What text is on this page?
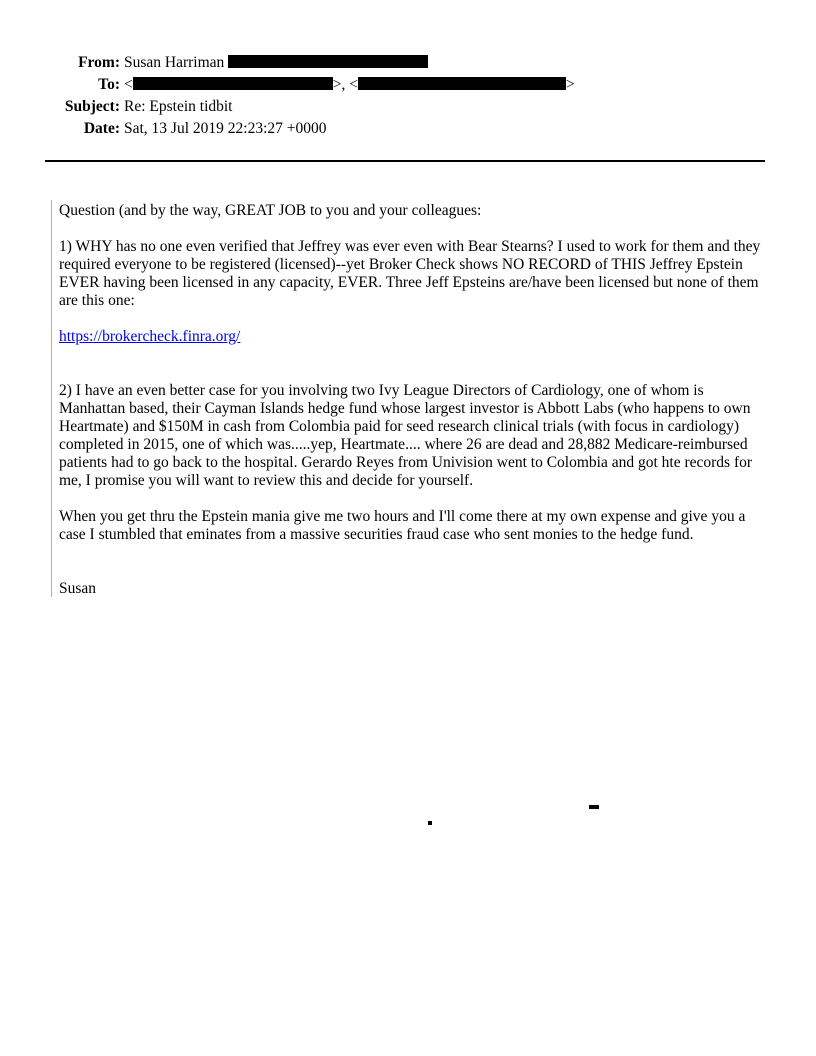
From: Susan Harriman
To: <	>, <	>
Subject: Re: Epstein tidbit
Date: Sat, 13 Jul 2019 22:23:27 +0000

Question (and by the way, GREAT JOB to you and your colleagues:

1) WHY has no one even verified that Jeffrey was ever even with Bear Stearns? I used to work for them and they required everyone to be registered (licensed)--yet Broker Check shows NO RECORD of THIS Jeffrey Epstein EVER having been licensed in any capacity, EVER. Three Jeff Epsteins are/have been licensed but none of them are this one:

https://brokercheck.finra.org/

2) I have an even better case for you involving two Ivy League Directors of Cardiology, one of whom is Manhattan based, their Cayman Islands hedge fund whose largest investor is Abbott Labs (who happens to own Heartmate) and $150M in cash from Colombia paid for seed research clinical trials (with focus in cardiology) completed in 2015, one of which was.....yep, Heartmate.... where 26 are dead and 28,882 Medicare-reimbursed patients had to go back to the hospital. Gerardo Reyes from Univision went to Colombia and got hte records for me, I promise you will want to review this and decide for yourself.

When you get thru the Epstein mania give me two hours and I'll come there at my own expense and give you a case I stumbled that eminates from a massive securities fraud case who sent monies to the hedge fund.

Susan
